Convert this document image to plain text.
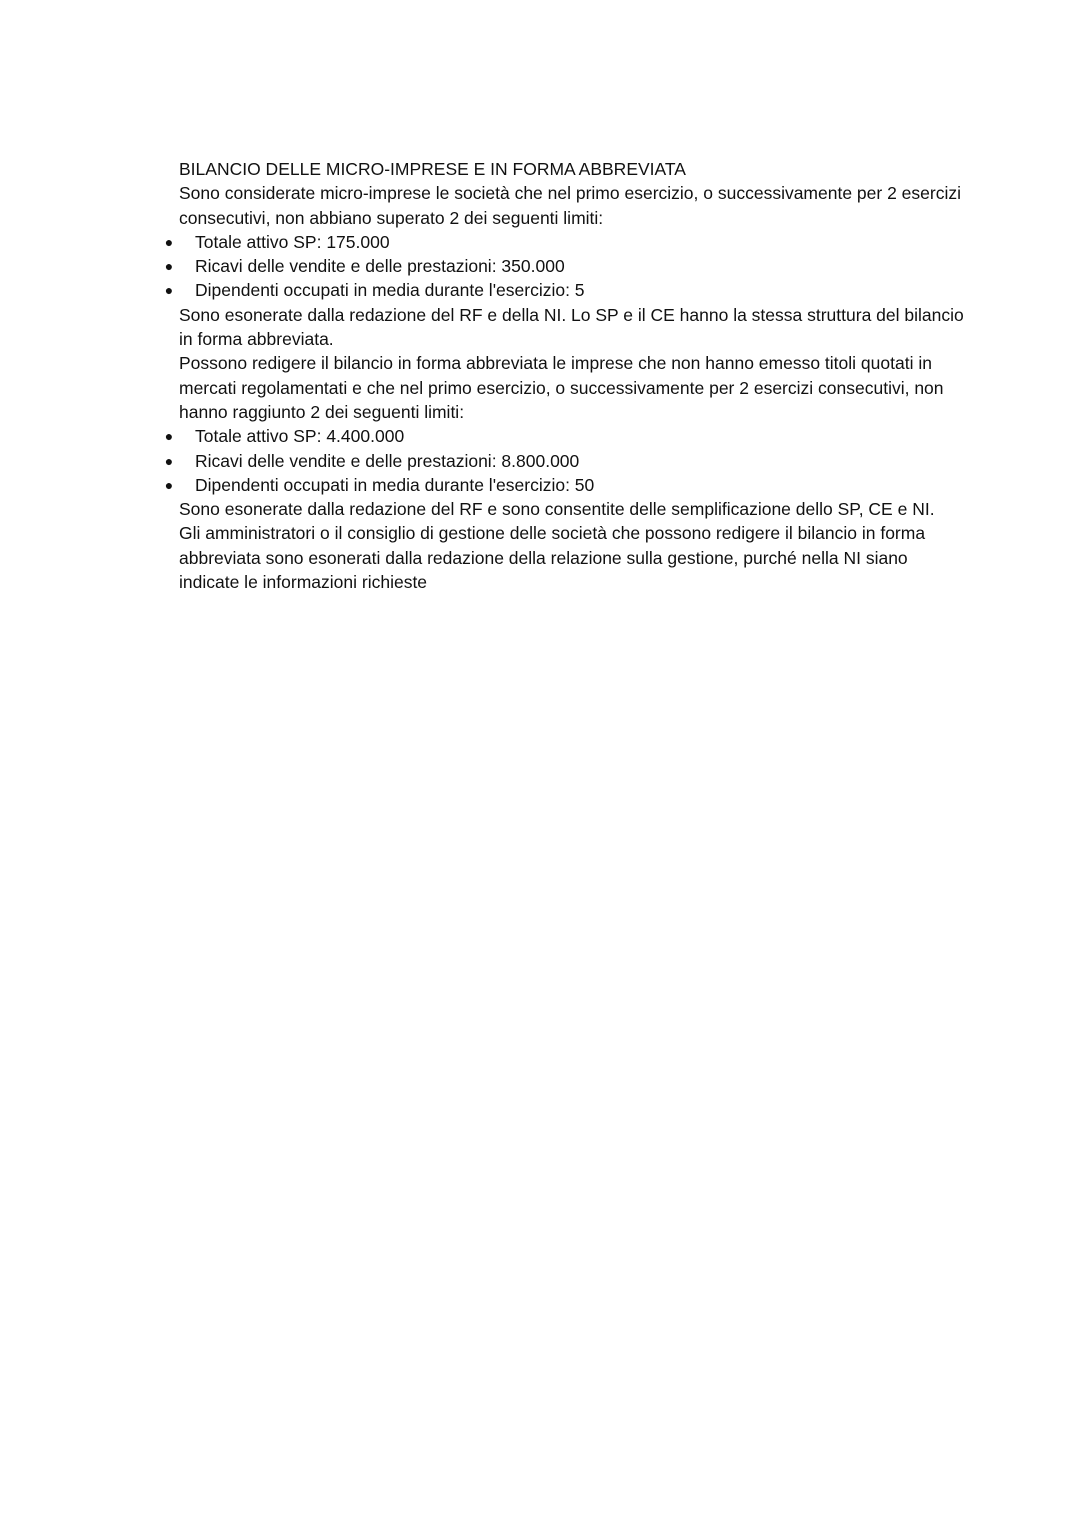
BILANCIO DELLE MICRO-IMPRESE E IN FORMA ABBREVIATA

Sono considerate micro-imprese le società che nel primo esercizio, o successivamente per 2 esercizi consecutivi, non abbiano superato 2 dei seguenti limiti:

● Totale attivo SP: 175.000
● Ricavi delle vendite e delle prestazioni: 350.000
● Dipendenti occupati in media durante l'esercizio: 5

Sono esonerate dalla redazione del RF e della NI. Lo SP e il CE hanno la stessa struttura del bilancio in forma abbreviata.

Possono redigere il bilancio in forma abbreviata le imprese che non hanno emesso titoli quotati in mercati regolamentati e che nel primo esercizio, o successivamente per 2 esercizi consecutivi, non hanno raggiunto 2 dei seguenti limiti:

● Totale attivo SP: 4.400.000
● Ricavi delle vendite e delle prestazioni: 8.800.000
● Dipendenti occupati in media durante l'esercizio: 50

Sono esonerate dalla redazione del RF e sono consentite delle semplificazione dello SP, CE e NI.

Gli amministratori o il consiglio di gestione delle società che possono redigere il bilancio in forma abbreviata sono esonerati dalla redazione della relazione sulla gestione, purché nella NI siano indicate le informazioni richieste
